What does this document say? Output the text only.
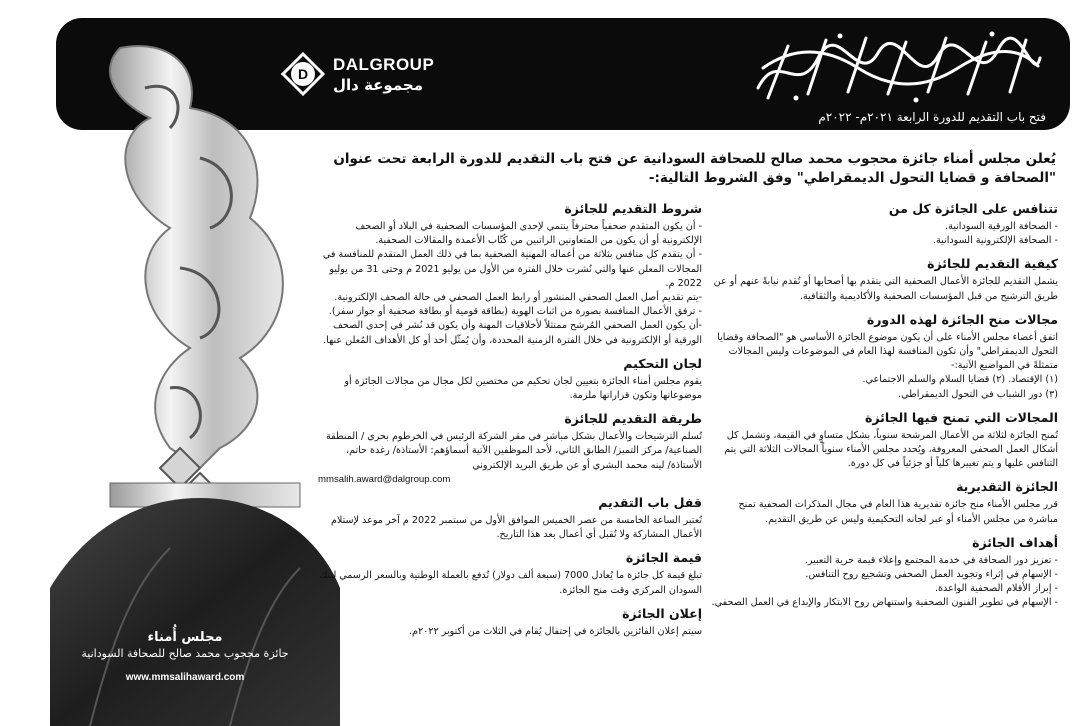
D
DALGROUP
مجموعة دال
فتح باب التقديم للدورة الرابعة ٢٠٢١م- ٢٠٢٢م
مجلس أُمناء
جائزة محجوب محمد صالح للصحافة السودانية
www.mmsalihaward.com
يُعلن مجلس أمناء جائزة محجوب محمد صالح للصحافة السودانية عن فتح باب التقديم للدورة الرابعة تحت عنوان "الصحافة و قضايا التحول الديمقراطي" وفق الشروط التالية:-
تتنافس على الجائزة كل من

- الصحافة الورقية السودانية.

- الصحافة الإلكترونية السودانية.

كيفية التقديم للجائزة

يشمل التقديم للجائزة الأعمال الصحفية التي يتقدم بها أصحابها أو تُقدم نيابةً عنهم أو عن طريق الترشيح من قبل المؤسسات الصحفية والأكاديمية والثقافية.

مجالات منح الجائزة لهذه الدورة

اتفق أعضاء مجلس الأمناء على أن يكون موضوع الجائزة الأساسي هو "الصحافة وقضايا التحول الديمقراطي" وأن تكون المنافسة لهذا العام في الموضوعات وليس المجالات متمثلةً في المواضيع الآتية:-

(١) الإقتصاد. (٢) قضايا السلام والسلم الاجتماعي.

(٣) دور الشباب في التحول الديمقراطي.

المجالات التي تمنح فيها الجائزة

تُمنح الجائزة لثلاثة من الأعمال المرشحة سنوياً، بشكل متساوٍ في القيمة، وتشمل كل أشكال العمل الصحفي المعروفة، ويُحدد مجلس الأمناء سنوياً المجالات الثلاثة التي يتم التنافس عليها و يتم تغييرها كلياً أو جزئياً في كل دورة.

الجائزة التقديرية

قرر مجلس الأمناء منح جائزة تقديرية هذا العام في مجال المذكرات الصحفية تمنح مباشرة من مجلس الأمناء أو عبر لجانه التحكيمية وليس عن طريق التقديم.

أهداف الجائزة

- تعزيز دور الصحافة في خدمة المجتمع وإعلاء قيمة حرية التعبير.

- الإسهام في إثراء وتجويد العمل الصحفي وتشجيع روح التنافس.

- إبراز الأقلام الصحفية الواعدة.

- الإسهام في تطوير الفنون الصحفية واستنهاض روح الابتكار والإبداع في العمل الصحفي.

شروط التقديم للجائزة

- أن يكون المتقدم صحفياً محترفاً ينتمي لإحدى المؤسسات الصحفية في البلاد أو الصحف الإلكترونية أو أن يكون من المتعاونين الراتبين من كُتّاب الأعمدة والمقالات الصحفية.

- أن يتقدم كل منافس بثلاثة من أعماله المهنية الصحفية بما في ذلك العمل المتقدم للمنافسة في المجالات المعلن عنها والتي نُشرت خلال الفترة من الأول من يوليو 2021 م وحتى 31 من يوليو 2022 م.

-يتم تقديم أصل العمل الصحفي المنشور أو رابط العمل الصحفي في حالة الصحف الإلكترونية.

- ترفق الأعمال المنافسة بصورة من اثبات الهوية (بطاقة قومية أو بطاقة صحفية أو جواز سفر).

-أن يكون العمل الصحفي المُرشح ممتثلاً لأخلاقيات المهنة وأن يكون قد نُشر في إحدى الصحف الورقية أو الإلكترونية في خلال الفترة الزمنية المحددة، وأن يُمثّل أحد أو كل الأهداف المُعلن عنها.

لجان التحكيم

يقوم مجلس أمناء الجائزة بتعيين لجان تحكيم من مختصين لكل مجال من مجالات الجائزة أو موضوعاتها وتكون قراراتها ملزمة.

طريقة التقديم للجائزة

تُسلم الترشيحات والأعمال بشكل مباشر في مقر الشركة الرئيس في الخرطوم بحري / المنطقة الصناعية/ مركز التميز/ الطابق الثاني، لأحد الموظفين الآتية أسماؤهم: الأستاذة/ رغدة حاتم، الأستاذة/ لينه محمد البشري أو عن طريق البريد الإلكتروني

mmsalih.award@dalgroup.com

قفل باب التقديم

تُعتبر الساعة الخامسة من عصر الخميس الموافق الأول من سبتمبر 2022 م آخر موعد لإستلام الأعمال المشاركة ولا تُقبل أي أعمال بعد هذا التاريخ.

قيمة الجائزة

تبلغ قيمة كل جائزة ما يُعادل 7000 (سبعة ألف دولار) تُدفع بالعملة الوطنية وبالسعر الرسمي لبنك السودان المركزي وقت منح الجائزة.

إعلان الجائزة

سيتم إعلان الفائزين بالجائزة في إحتفال يُقام في الثلاث من أكتوبر ٢٠٢٢م.
